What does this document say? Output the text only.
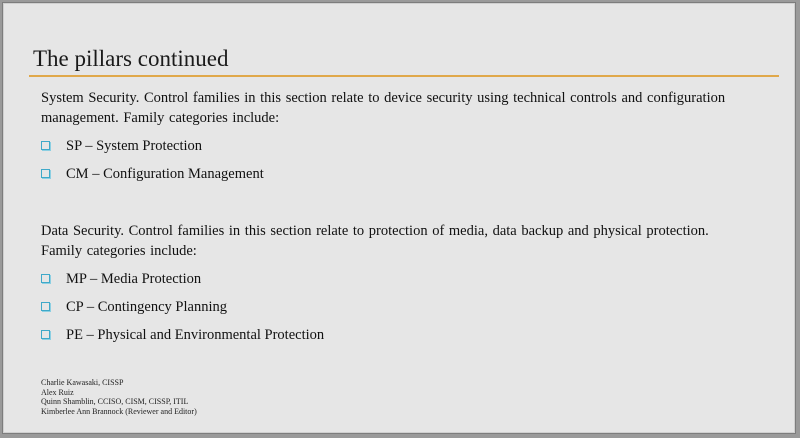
The pillars continued
System Security. Control families in this section relate to device security using technical controls and configuration management. Family categories include:
SP – System Protection
CM – Configuration Management
Data Security. Control families in this section relate to protection of media, data backup and physical protection. Family categories include:
MP – Media Protection
CP – Contingency Planning
PE – Physical and Environmental Protection
Charlie Kawasaki, CISSP
Alex Ruiz
Quinn Shamblin, CCISO, CISM, CISSP, ITIL
Kimberlee Ann Brannock (Reviewer and Editor)
